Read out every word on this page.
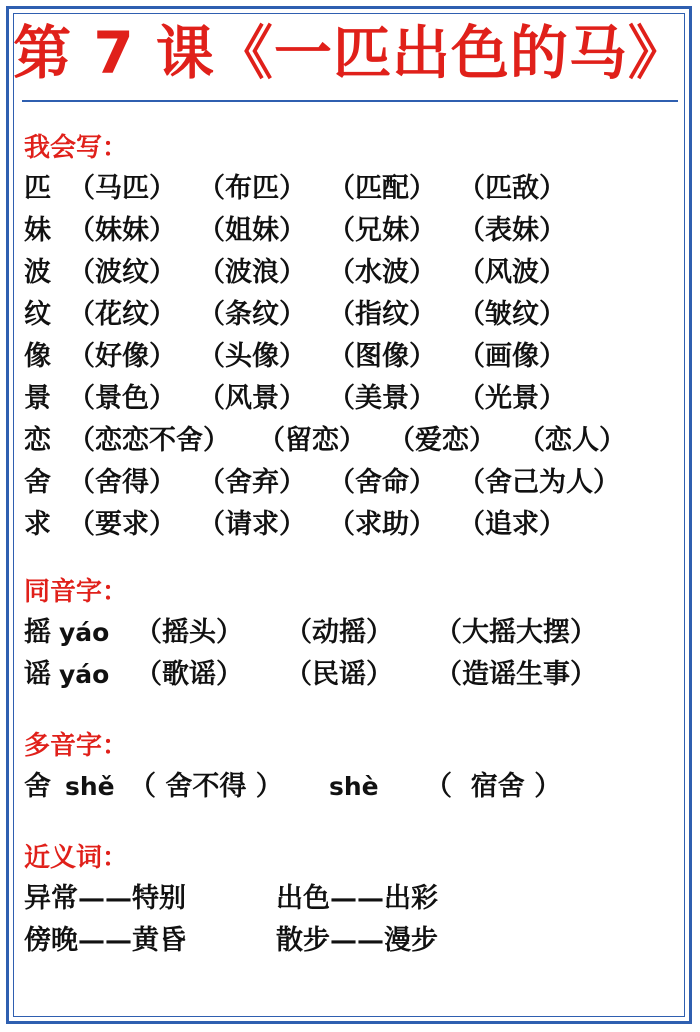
第 7 课《一匹出色的马》
我会写：
匹 （马匹） （布匹） （匹配） （匹敌）
妹 （妹妹） （姐妹） （兄妹） （表妹）
波 （波纹） （波浪） （水波） （风波）
纹 （花纹） （条纹） （指纹） （皱纹）
像 （好像） （头像） （图像） （画像）
景 （景色） （风景） （美景） （光景）
恋 （恋恋不舍）	（留恋） （爱恋） （恋人）
舍 （舍得） （舍弃） （舍命） （舍己为人）
求 （要求） （请求） （求助） （追求）
同音字：
摇 yáo （摇头）	（动摇）	（大摇大摆）
谣 yáo （歌谣）	（民谣）	（造谣生事）
多音字：
舍 shě （ 舍不得 ）	shè	（  宿舍 ）
近义词：
异常——特别	出色——出彩
傍晚——黄昏	散步——漫步
